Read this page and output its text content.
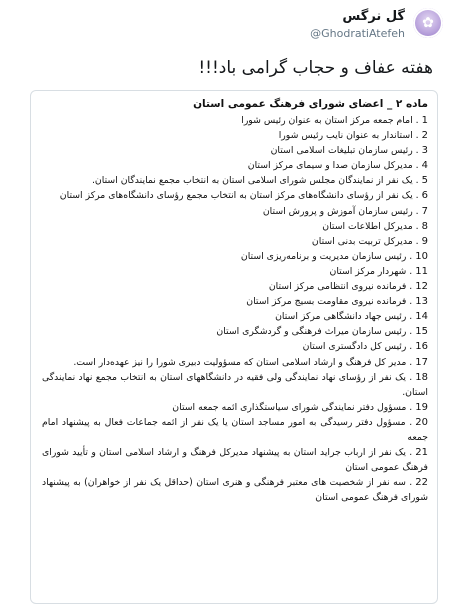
✿
گل نرگس
@GhodratiAtefeh
هفته عفاف و حجاب گرامی باد!!!
ماده ۲ _ اعضای شورای فرهنگ عمومی استان

1. امام جمعه مرکز استان به عنوان رئیس شورا

2. استاندار به عنوان نایب رئیس شورا

3. رئیس سازمان تبلیغات اسلامی استان

4. مدیرکل سازمان صدا و سیمای مرکز استان

5. یک نفر از نمایندگان مجلس شورای اسلامی استان به انتخاب مجمع نمایندگان استان.

6. یک نفر از رؤسای دانشگاه‌های مرکز استان به انتخاب مجمع رؤسای دانشگاه‌های مرکز استان

7. رئیس سازمان آموزش و پرورش استان

8. مدیرکل اطلاعات استان

9. مدیرکل تربیت بدنی استان

10. رئیس سازمان مدیریت و برنامه‌ریزی استان

11. شهردار مرکز استان

12. فرمانده نیروی انتظامی مرکز استان

13. فرمانده نیروی مقاومت بسیج مرکز استان

14. رئیس جهاد دانشگاهی مرکز استان

15. رئیس سازمان میراث فرهنگی و گردشگری استان

16. رئیس کل دادگستری استان

17. مدیر کل فرهنگ و ارشاد اسلامی استان که مسؤولیت دبیری شورا را نیز عهده‌دار است.

18. یک نفر از رؤسای نهاد نمایندگی ولی فقیه در دانشگاههای استان به انتخاب مجمع نهاد نمایندگی استان.

19. مسؤول دفتر نمایندگی شورای سیاستگذاری ائمه جمعه استان

20. مسؤول دفتر رسیدگی به امور مساجد استان یا یک نفر از ائمه جماعات فعال به پیشنهاد امام جمعه

21. یک نفر از ارباب جراید استان به پیشنهاد مدیرکل فرهنگ و ارشاد اسلامی استان و تأیید شورای فرهنگ عمومی استان

22. سه نفر از شخصیت های معتبر فرهنگی و هنری استان (حداقل یک نفر از خواهران) به پیشنهاد شورای فرهنگ عمومی استان
